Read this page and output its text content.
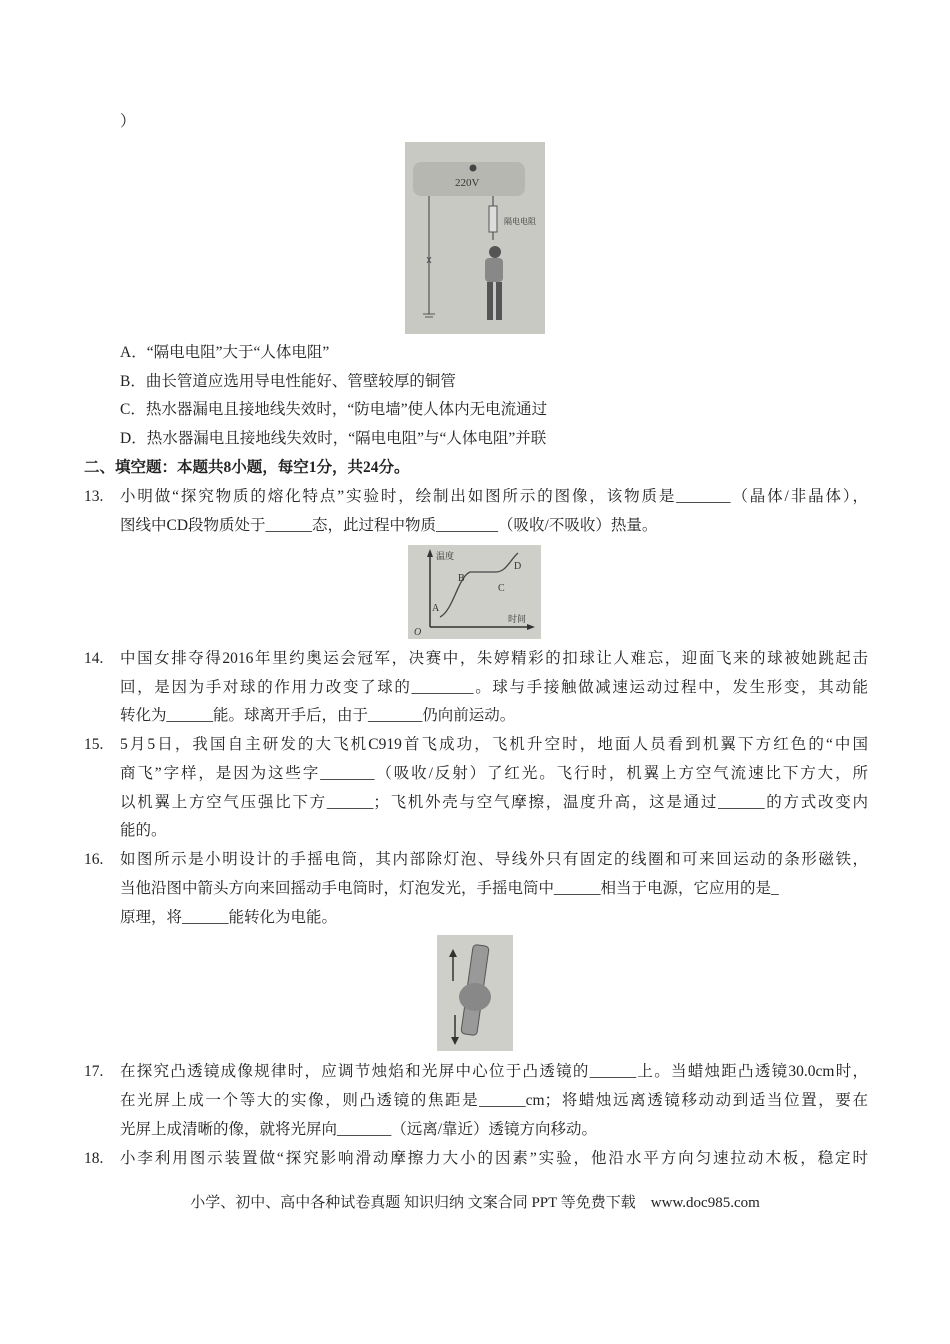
）
220V
隔电电阻
A．“隔电电阻”大于“人体电阻”
B．曲长管道应选用导电性能好、管壁较厚的铜管
C．热水器漏电且接地线失效时，“防电墙”使人体内无电流通过
D．热水器漏电且接地线失效时，“隔电电阻”与“人体电阻”并联
二、填空题：本题共8小题，每空1分，共24分。
13. 小明做“探究物质的熔化特点”实验时，绘制出如图所示的图像，该物质是_______（晶体/非晶体），
图线中CD段物质处于______态，此过程中物质________（吸收/不吸收）热量。
温度
时间
O
A
B
C
D
14. 中国女排夺得2016年里约奥运会冠军，决赛中，朱婷精彩的扣球让人难忘，迎面飞来的球被她跳起击
回，是因为手对球的作用力改变了球的________。球与手接触做减速运动过程中，发生形变，其动能
转化为______能。球离开手后，由于_______仍向前运动。
15. 5月5日，我国自主研发的大飞机C919首飞成功，飞机升空时，地面人员看到机翼下方红色的“中国
商飞”字样，是因为这些字_______（吸收/反射）了红光。飞行时，机翼上方空气流速比下方大，所
以机翼上方空气压强比下方______；飞机外壳与空气摩擦，温度升高，这是通过______的方式改变内
能的。
16. 如图所示是小明设计的手摇电筒，其内部除灯泡、导线外只有固定的线圈和可来回运动的条形磁铁，
当他沿图中箭头方向来回摇动手电筒时，灯泡发光，手摇电筒中______相当于电源，它应用的是_
原理，将______能转化为电能。
17. 在探究凸透镜成像规律时，应调节烛焰和光屏中心位于凸透镜的______上。当蜡烛距凸透镜30.0cm时，
在光屏上成一个等大的实像，则凸透镜的焦距是______cm；将蜡烛远离透镜移动动到适当位置，要在
光屏上成清晰的像，就将光屏向_______（远离/靠近）透镜方向移动。
18. 小李利用图示装置做“探究影响滑动摩擦力大小的因素”实验，他沿水平方向匀速拉动木板，稳定时
小学、初中、高中各种试卷真题 知识归纳 文案合同 PPT 等免费下载　www.doc985.com
